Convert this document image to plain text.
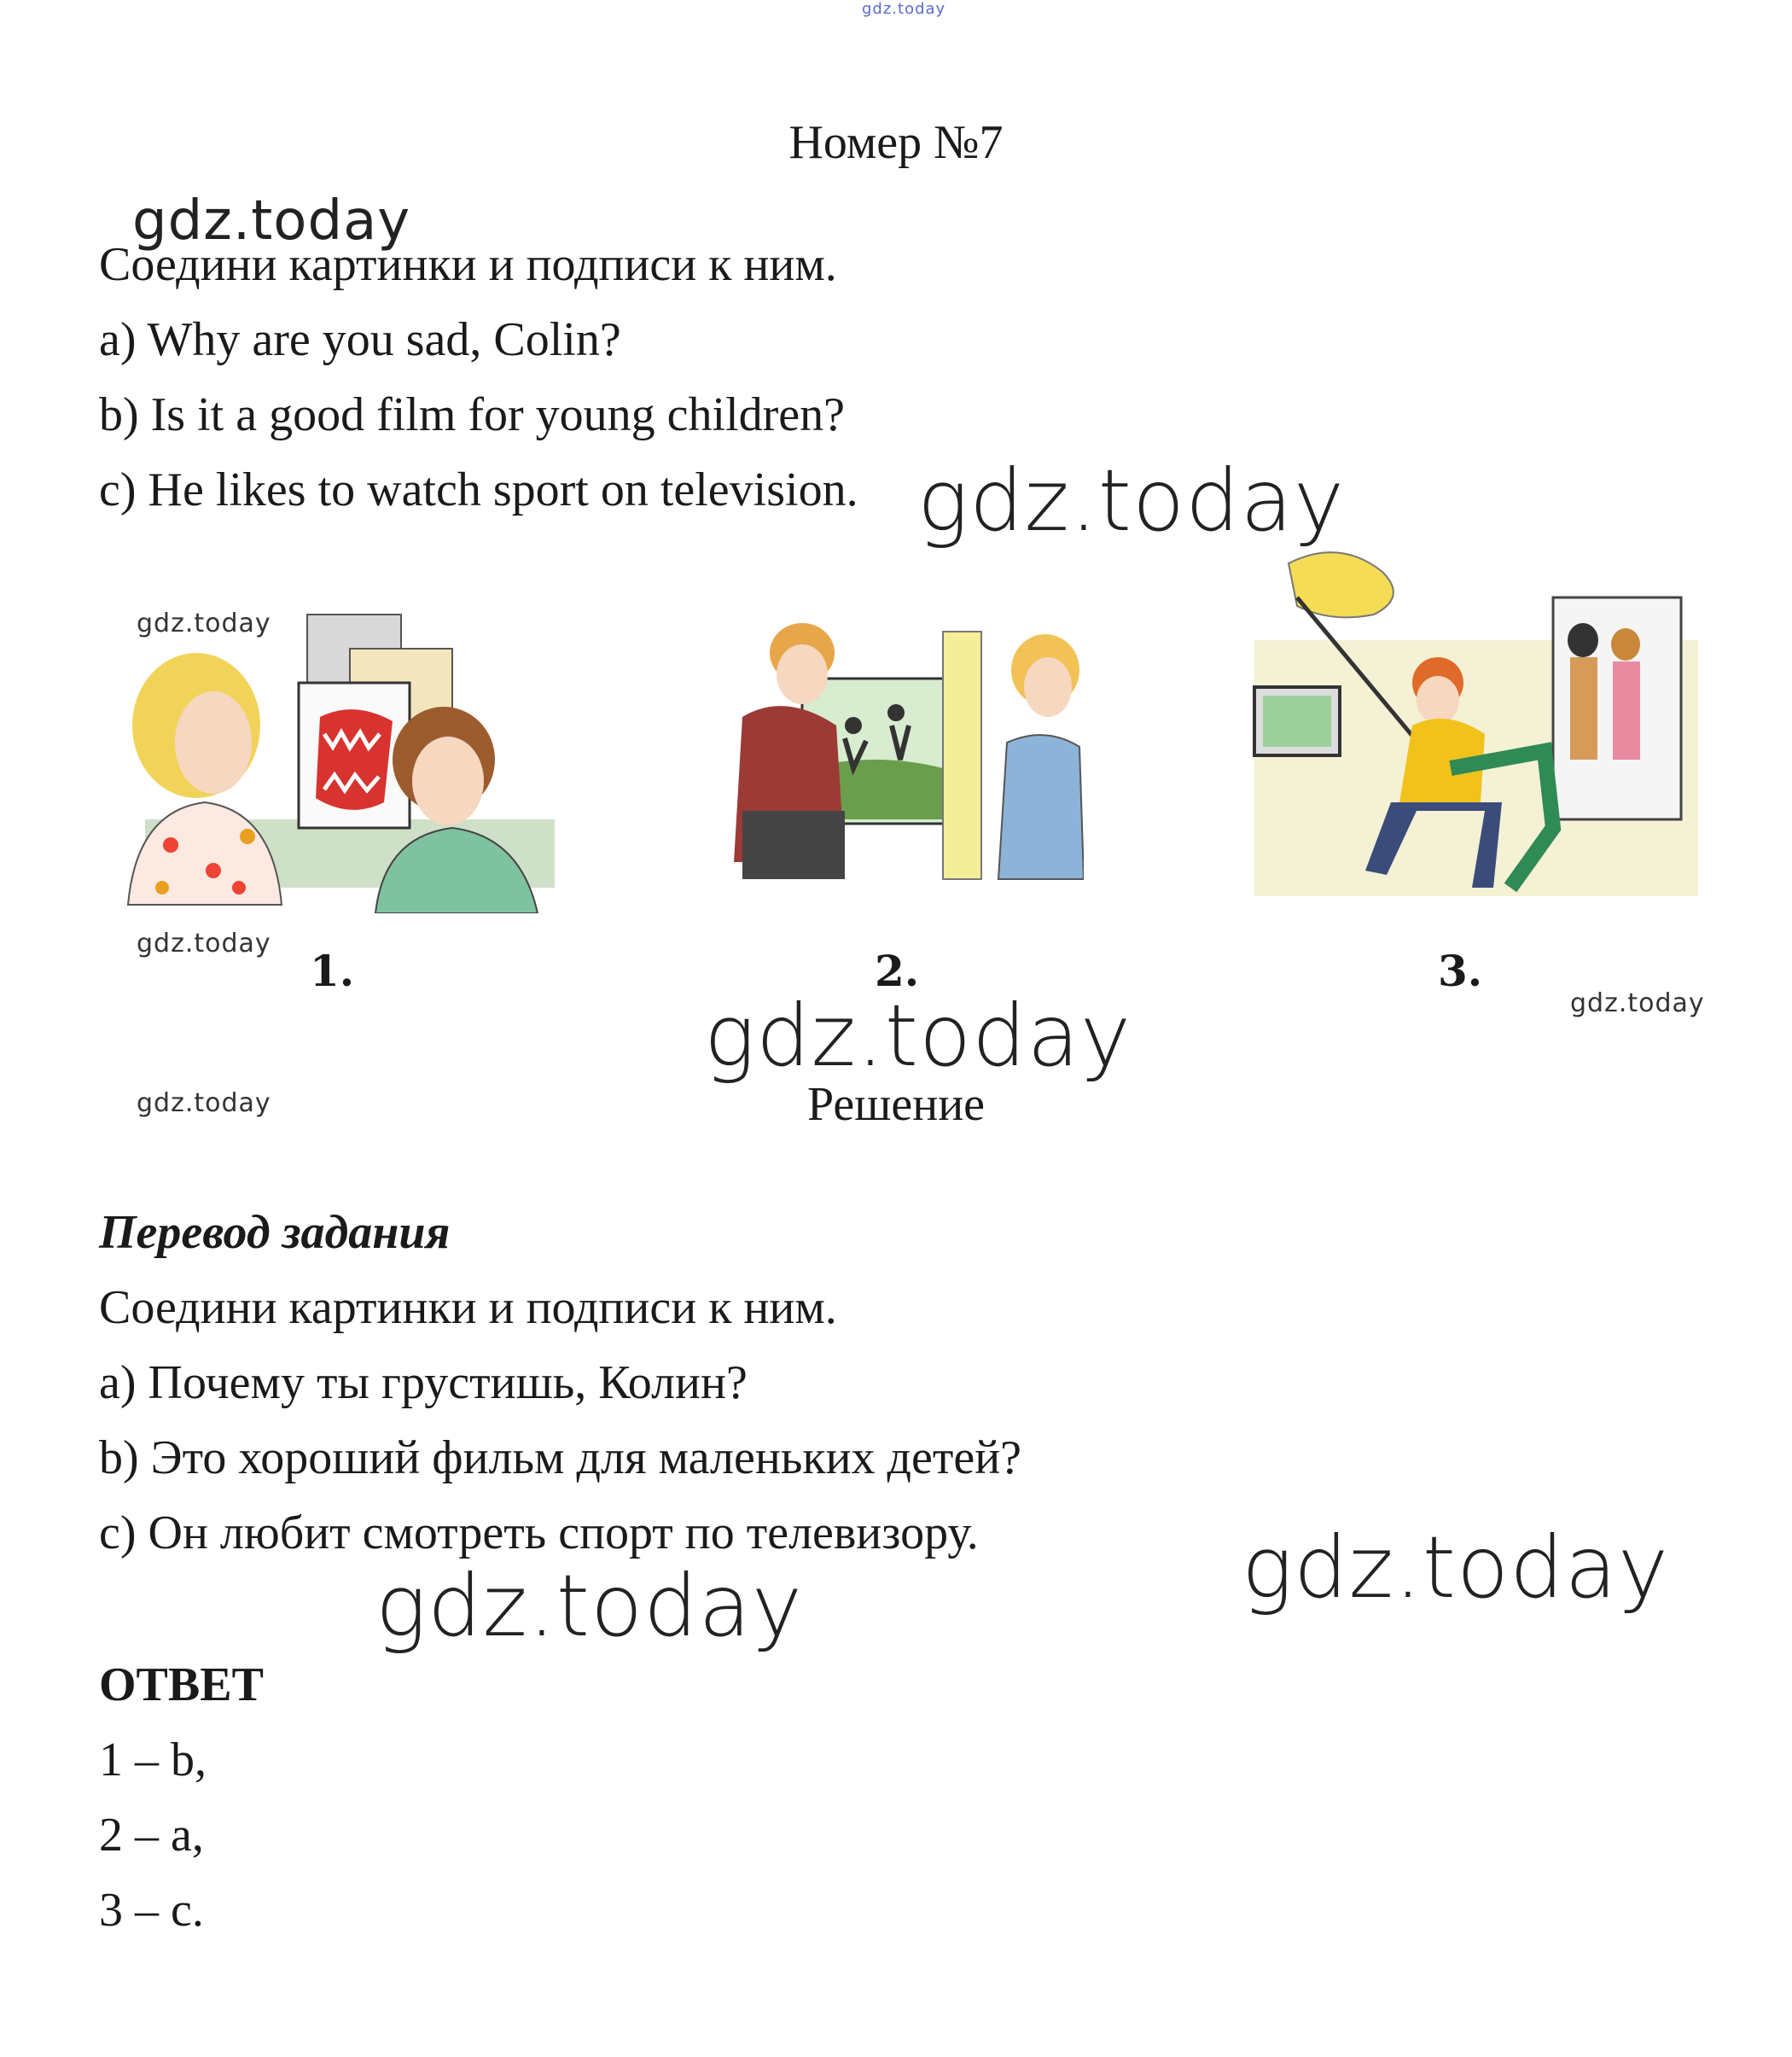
gdz.today
Номер №7
gdz.today
Соедини картинки и подписи к ним.
a) Why are you sad, Colin?
b) Is it a good film for young children?
c) He likes to watch sport on television. gdz.today
gdz.today
1.	2.	3.
gdz.today
gdz.today
gdz.today
gdz.today	Решение
Перевод задания
Соедини картинки и подписи к ним.
a) Почему ты грустишь, Колин?
b) Это хороший фильм для маленьких детей?
c) Он любит смотреть спорт по телевизору.	gdz.today
gdz.today
ОТВЕТ
1 – b,
2 – a,
3 – c.
